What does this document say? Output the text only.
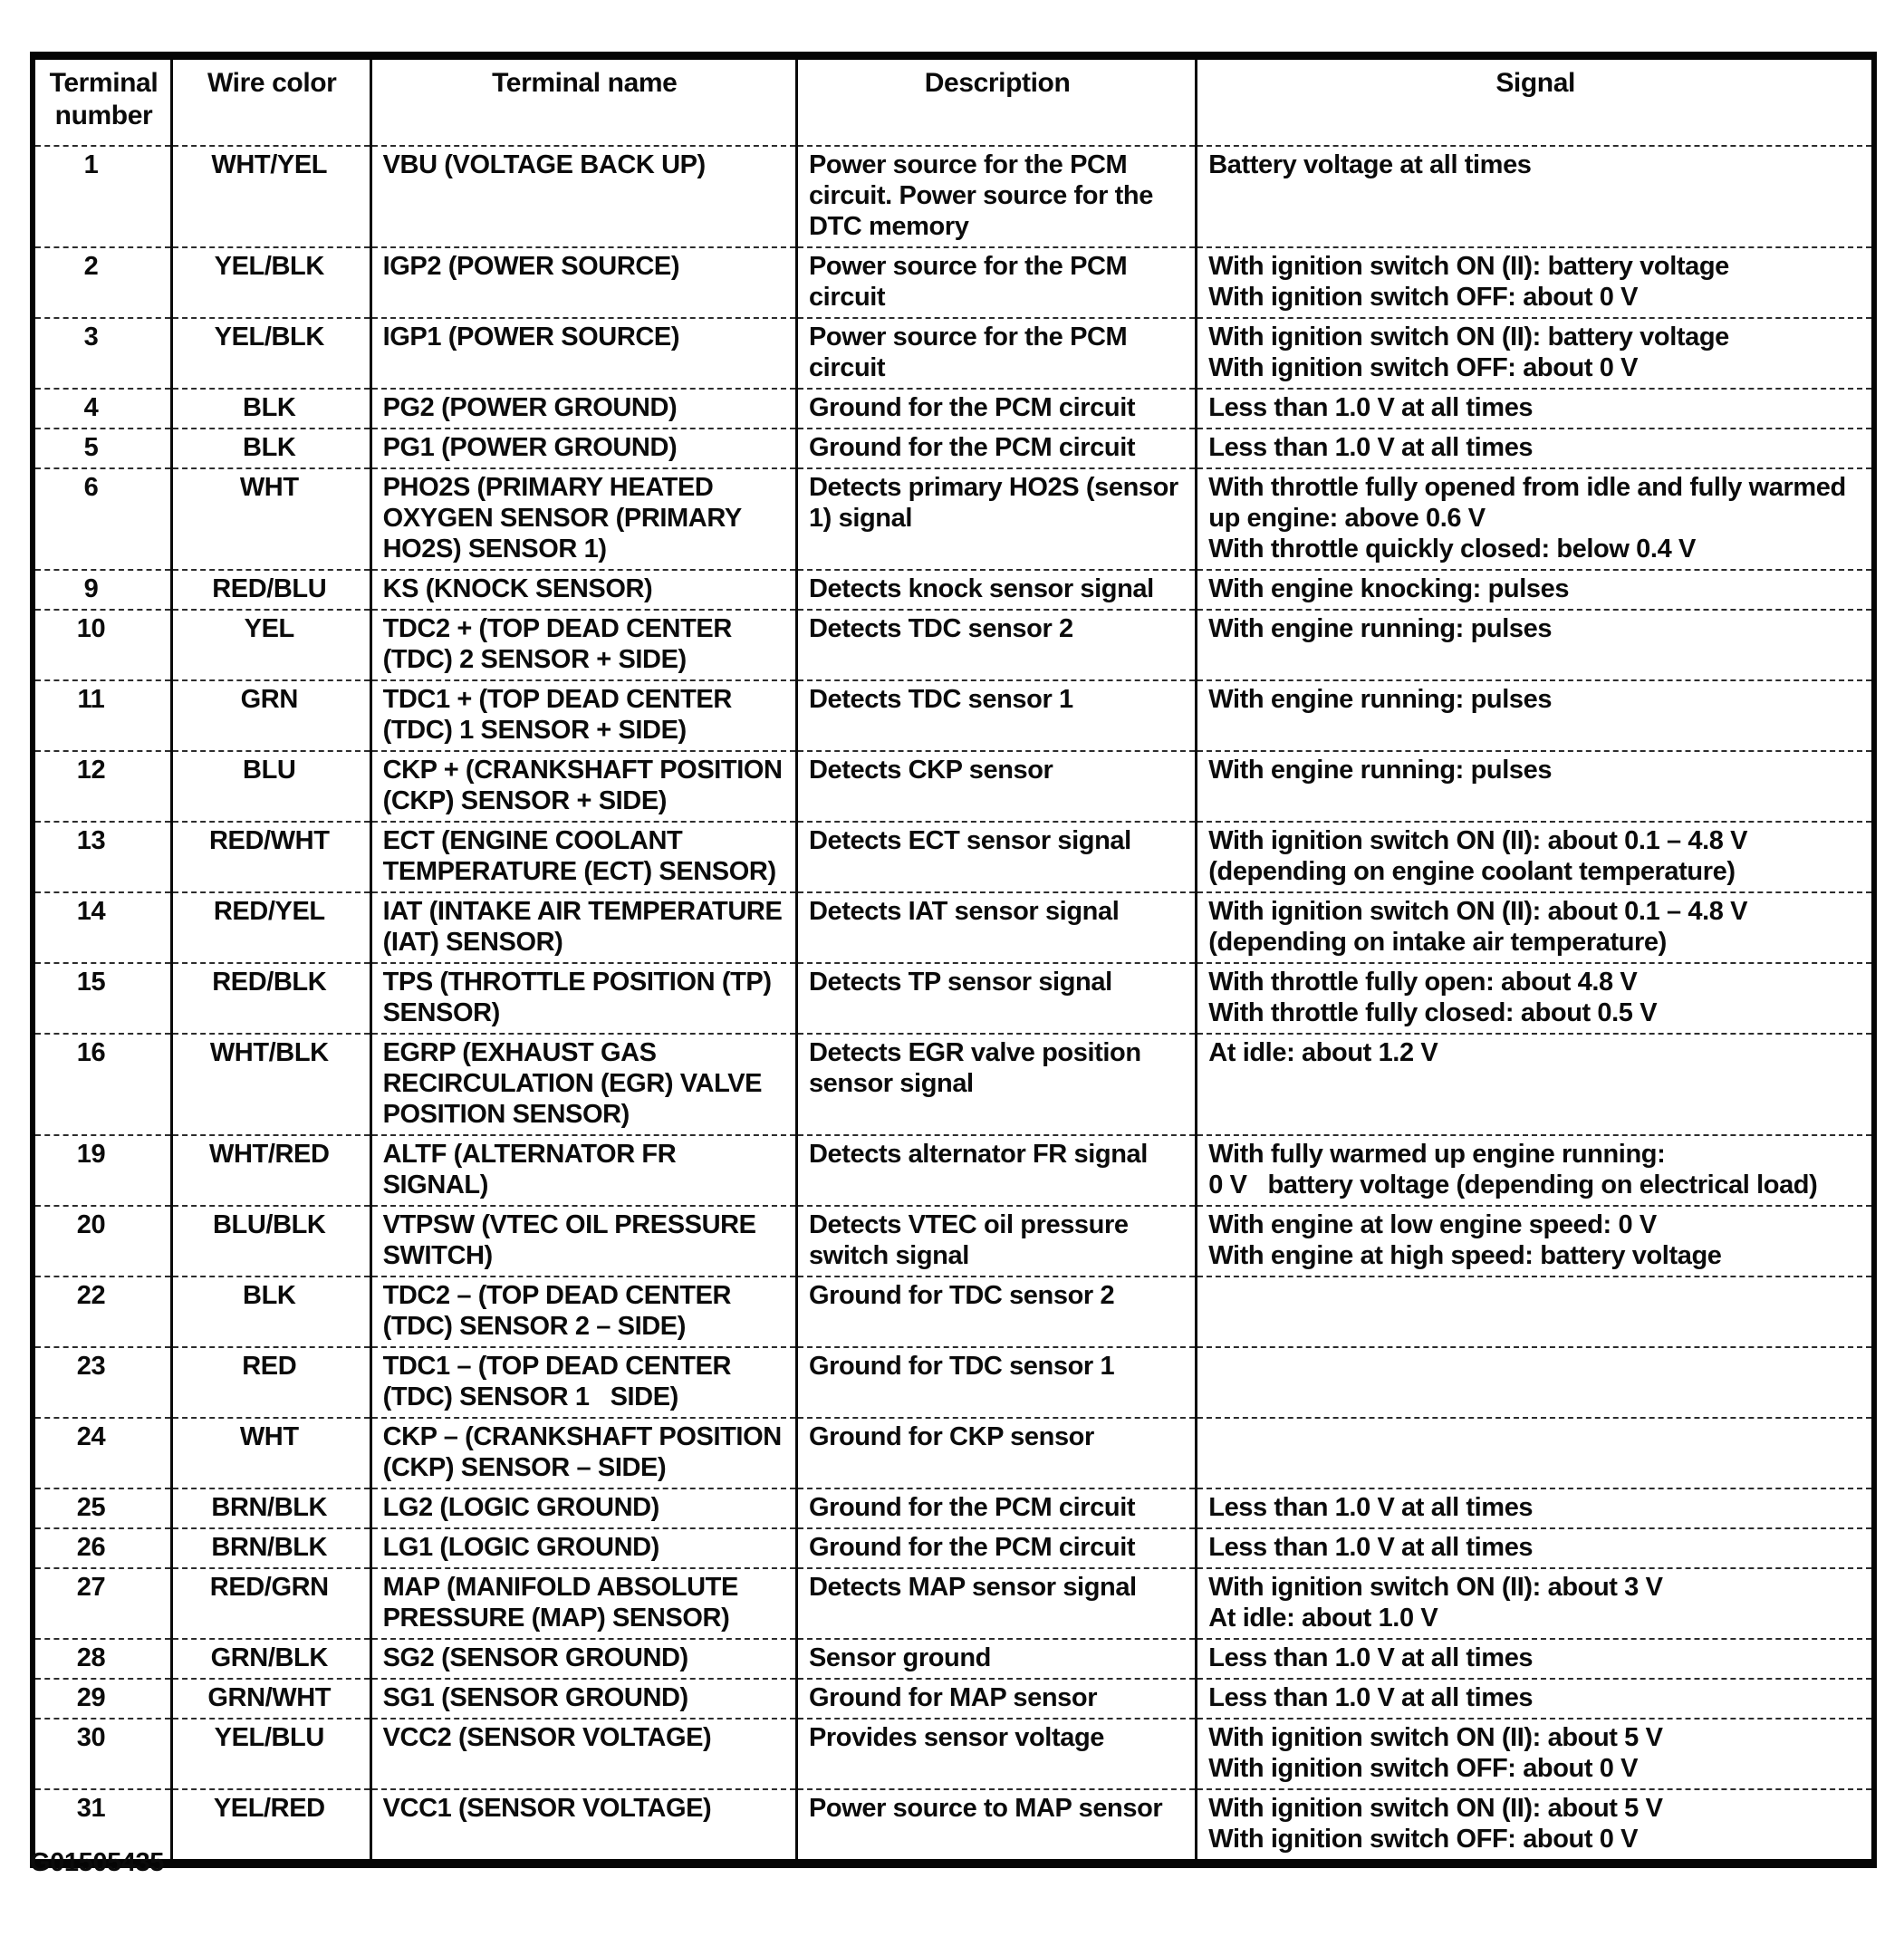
Terminal number	Wire color	Terminal name	Description	Signal
1	WHT/YEL	VBU (VOLTAGE BACK UP)	Power source for the PCM circuit. Power source for the DTC memory	Battery voltage at all times

2	YEL/BLK	IGP2 (POWER SOURCE)	Power source for the PCM circuit	With ignition switch ON (II): battery voltage
With ignition switch OFF: about 0 V

3	YEL/BLK	IGP1 (POWER SOURCE)	Power source for the PCM circuit	With ignition switch ON (II): battery voltage
With ignition switch OFF: about 0 V

4	BLK	PG2 (POWER GROUND)	Ground for the PCM circuit	Less than 1.0 V at all times

5	BLK	PG1 (POWER GROUND)	Ground for the PCM circuit	Less than 1.0 V at all times

6	WHT	PHO2S (PRIMARY HEATED OXYGEN SENSOR (PRIMARY HO2S) SENSOR 1)	Detects primary HO2S (sensor 1) signal	With throttle fully opened from idle and fully warmed up engine: above 0.6 V
With throttle quickly closed: below 0.4 V

9	RED/BLU	KS (KNOCK SENSOR)	Detects knock sensor signal	With engine knocking: pulses

10	YEL	TDC2 + (TOP DEAD CENTER (TDC) 2 SENSOR + SIDE)	Detects TDC sensor 2	With engine running: pulses

11	GRN	TDC1 + (TOP DEAD CENTER (TDC) 1 SENSOR + SIDE)	Detects TDC sensor 1	With engine running: pulses

12	BLU	CKP + (CRANKSHAFT POSITION (CKP) SENSOR + SIDE)	Detects CKP sensor	With engine running: pulses

13	RED/WHT	ECT (ENGINE COOLANT TEMPERATURE (ECT) SENSOR)	Detects ECT sensor signal	With ignition switch ON (II): about 0.1 – 4.8 V (depending on engine coolant temperature)

14	RED/YEL	IAT (INTAKE AIR TEMPERATURE (IAT) SENSOR)	Detects IAT sensor signal	With ignition switch ON (II): about 0.1 – 4.8 V (depending on intake air temperature)

15	RED/BLK	TPS (THROTTLE POSITION (TP) SENSOR)	Detects TP sensor signal	With throttle fully open: about 4.8 V
With throttle fully closed: about 0.5 V

16	WHT/BLK	EGRP (EXHAUST GAS RECIRCULATION (EGR) VALVE POSITION SENSOR)	Detects EGR valve position sensor signal	At idle: about 1.2 V

19	WHT/RED	ALTF (ALTERNATOR FR SIGNAL)	Detects alternator FR signal	With fully warmed up engine running:
0 V   battery voltage (depending on electrical load)

20	BLU/BLK	VTPSW (VTEC OIL PRESSURE SWITCH)	Detects VTEC oil pressure switch signal	With engine at low engine speed: 0 V
With engine at high speed: battery voltage

22	BLK	TDC2 – (TOP DEAD CENTER (TDC) SENSOR 2 – SIDE)	Ground for TDC sensor 2	
23	RED	TDC1 – (TOP DEAD CENTER (TDC) SENSOR 1   SIDE)	Ground for TDC sensor 1	
24	WHT	CKP – (CRANKSHAFT POSITION (CKP) SENSOR – SIDE)	Ground for CKP sensor	
25	BRN/BLK	LG2 (LOGIC GROUND)	Ground for the PCM circuit	Less than 1.0 V at all times

26	BRN/BLK	LG1 (LOGIC GROUND)	Ground for the PCM circuit	Less than 1.0 V at all times

27	RED/GRN	MAP (MANIFOLD ABSOLUTE PRESSURE (MAP) SENSOR)	Detects MAP sensor signal	With ignition switch ON (II): about 3 V
At idle: about 1.0 V

28	GRN/BLK	SG2 (SENSOR GROUND)	Sensor ground	Less than 1.0 V at all times

29	GRN/WHT	SG1 (SENSOR GROUND)	Ground for MAP sensor	Less than 1.0 V at all times

30	YEL/BLU	VCC2 (SENSOR VOLTAGE)	Provides sensor voltage	With ignition switch ON (II): about 5 V
With ignition switch OFF: about 0 V

31	YEL/RED	VCC1 (SENSOR VOLTAGE)	Power source to MAP sensor	With ignition switch ON (II): about 5 V
With ignition switch OFF: about 0 V
G01505435
